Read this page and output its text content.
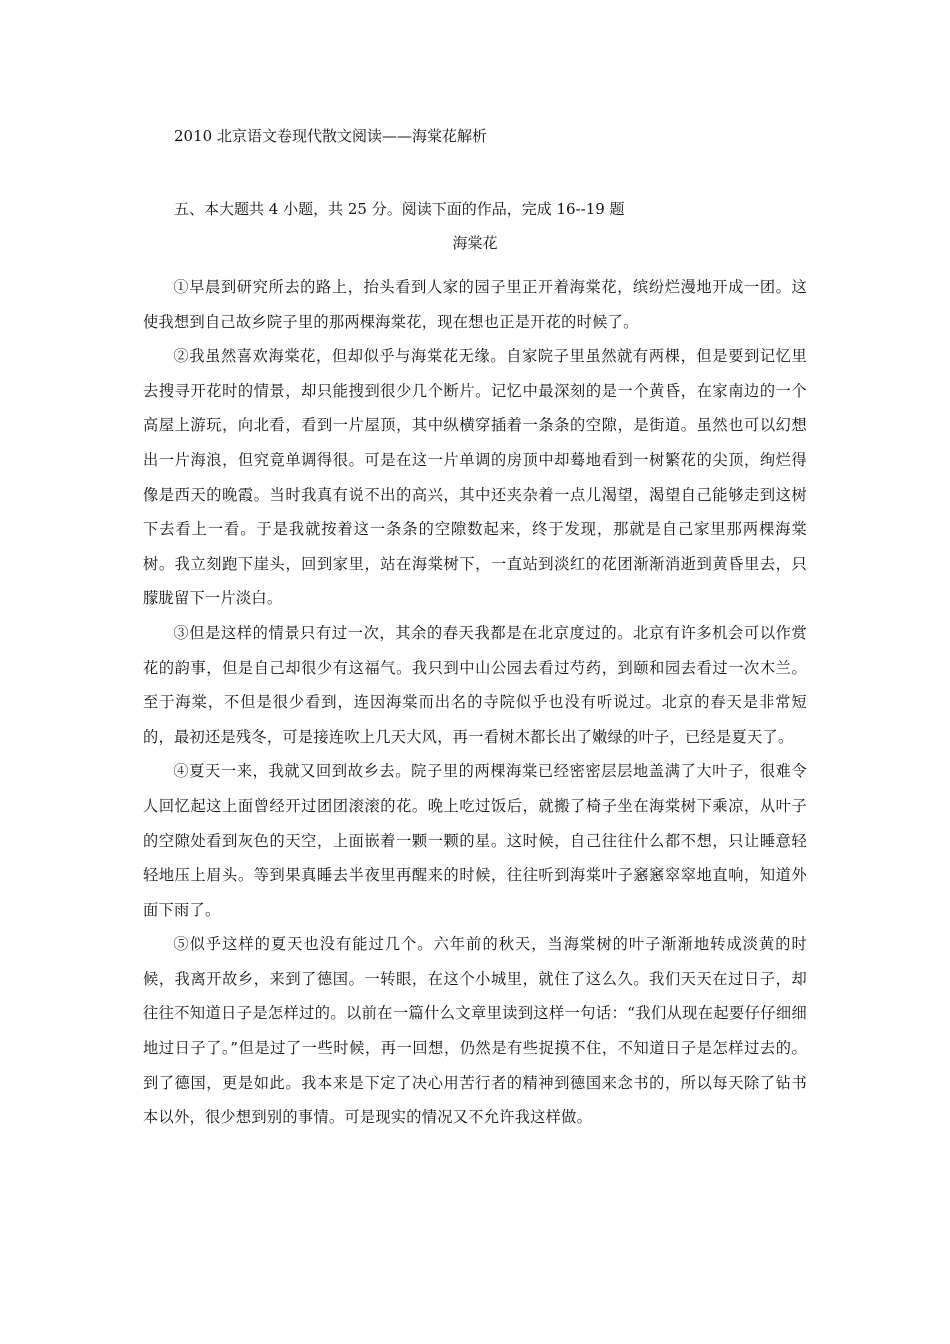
2010 北京语文卷现代散文阅读——海棠花解析
五、本大题共 4 小题，共 25 分。阅读下面的作品，完成 16--19 题
海棠花

①早晨到研究所去的路上，抬头看到人家的园子里正开着海棠花，缤纷烂漫地开成一团。这使我想到自己故乡院子里的那两棵海棠花，现在想也正是开花的时候了。

②我虽然喜欢海棠花，但却似乎与海棠花无缘。自家院子里虽然就有两棵，但是要到记忆里去搜寻开花时的情景，却只能搜到很少几个断片。记忆中最深刻的是一个黄昏，在家南边的一个高屋上游玩，向北看，看到一片屋顶，其中纵横穿插着一条条的空隙，是街道。虽然也可以幻想出一片海浪，但究竟单调得很。可是在这一片单调的房顶中却蓦地看到一树繁花的尖顶，绚烂得像是西天的晚霞。当时我真有说不出的高兴，其中还夹杂着一点儿渴望，渴望自己能够走到这树下去看上一看。于是我就按着这一条条的空隙数起来，终于发现，那就是自己家里那两棵海棠树。我立刻跑下崖头，回到家里，站在海棠树下，一直站到淡红的花团渐渐消逝到黄昏里去，只朦胧留下一片淡白。

③但是这样的情景只有过一次，其余的春天我都是在北京度过的。北京有许多机会可以作赏花的韵事，但是自己却很少有这福气。我只到中山公园去看过芍药，到颐和园去看过一次木兰。至于海棠，不但是很少看到，连因海棠而出名的寺院似乎也没有听说过。北京的春天是非常短的，最初还是残冬，可是接连吹上几天大风，再一看树木都长出了嫩绿的叶子，已经是夏天了。

④夏天一来，我就又回到故乡去。院子里的两棵海棠已经密密层层地盖满了大叶子，很难令人回忆起这上面曾经开过团团滚滚的花。晚上吃过饭后，就搬了椅子坐在海棠树下乘凉，从叶子的空隙处看到灰色的天空，上面嵌着一颗一颗的星。这时候，自己往往什么都不想，只让睡意轻轻地压上眉头。等到果真睡去半夜里再醒来的时候，往往听到海棠叶子窸窸窣窣地直响，知道外面下雨了。

⑤似乎这样的夏天也没有能过几个。六年前的秋天，当海棠树的叶子渐渐地转成淡黄的时候，我离开故乡，来到了德国。一转眼，在这个小城里，就住了这么久。我们天天在过日子，却往往不知道日子是怎样过的。以前在一篇什么文章里读到这样一句话：“我们从现在起要仔仔细细地过日子了。”但是过了一些时候，再一回想，仍然是有些捉摸不住，不知道日子是怎样过去的。到了德国，更是如此。我本来是下定了决心用苦行者的精神到德国来念书的，所以每天除了钻书本以外，很少想到别的事情。可是现实的情况又不允许我这样做。
